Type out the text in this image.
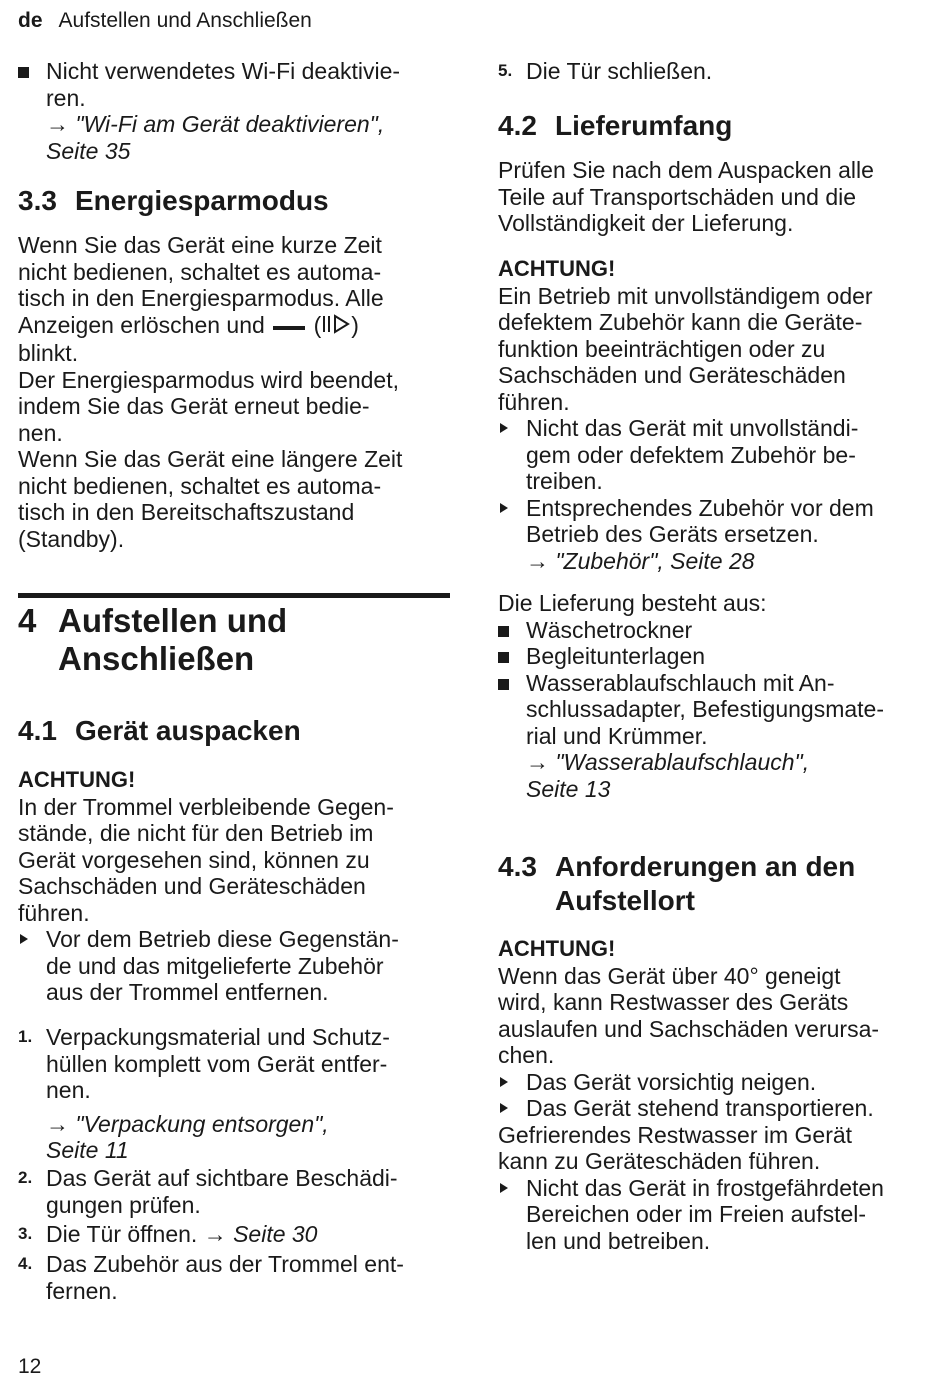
de Aufstellen und Anschließen
Nicht verwendetes Wi-Fi deaktivie-
ren.
→ "Wi-Fi am Gerät deaktivieren",
Seite 35
3.3 Energiesparmodus
Wenn Sie das Gerät eine kurze Zeit
nicht bedienen, schaltet es automa-
tisch in den Energiesparmodus. Alle
Anzeigen erlöschen und ( )
blinkt.
Der Energiesparmodus wird beendet,
indem Sie das Gerät erneut bedie-
nen.
Wenn Sie das Gerät eine längere Zeit
nicht bedienen, schaltet es automa-
tisch in den Bereitschaftszustand
(Standby).
4 Aufstellen und
Anschließen
4.1 Gerät auspacken
ACHTUNG!
In der Trommel verbleibende Gegen-
stände, die nicht für den Betrieb im
Gerät vorgesehen sind, können zu
Sachschäden und Geräteschäden
führen.
Vor dem Betrieb diese Gegenstän-
de und das mitgelieferte Zubehör
aus der Trommel entfernen.
1. Verpackungsmaterial und Schutz-
hüllen komplett vom Gerät entfer-
nen.
→ "Verpackung entsorgen",
Seite 11
2. Das Gerät auf sichtbare Beschädi-
gungen prüfen.
3. Die Tür öffnen. → Seite 30
4. Das Zubehör aus der Trommel ent-
fernen.
5. Die Tür schließen.
4.2 Lieferumfang
Prüfen Sie nach dem Auspacken alle
Teile auf Transportschäden und die
Vollständigkeit der Lieferung.
ACHTUNG!
Ein Betrieb mit unvollständigem oder
defektem Zubehör kann die Geräte-
funktion beeinträchtigen oder zu
Sachschäden und Geräteschäden
führen.
Nicht das Gerät mit unvollständi-
gem oder defektem Zubehör be-
treiben.
Entsprechendes Zubehör vor dem
Betrieb des Geräts ersetzen.
→ "Zubehör", Seite 28
Die Lieferung besteht aus:
Wäschetrockner
Begleitunterlagen
Wasserablaufschlauch mit An-
schlussadapter, Befestigungsmate-
rial und Krümmer.
→ "Wasserablaufschlauch",
Seite 13
4.3 Anforderungen an den
Aufstellort
ACHTUNG!
Wenn das Gerät über 40° geneigt
wird, kann Restwasser des Geräts
auslaufen und Sachschäden verursa-
chen.
Das Gerät vorsichtig neigen.
Das Gerät stehend transportieren.
Gefrierendes Restwasser im Gerät
kann zu Geräteschäden führen.
Nicht das Gerät in frostgefährdeten
Bereichen oder im Freien aufstel-
len und betreiben.
12
